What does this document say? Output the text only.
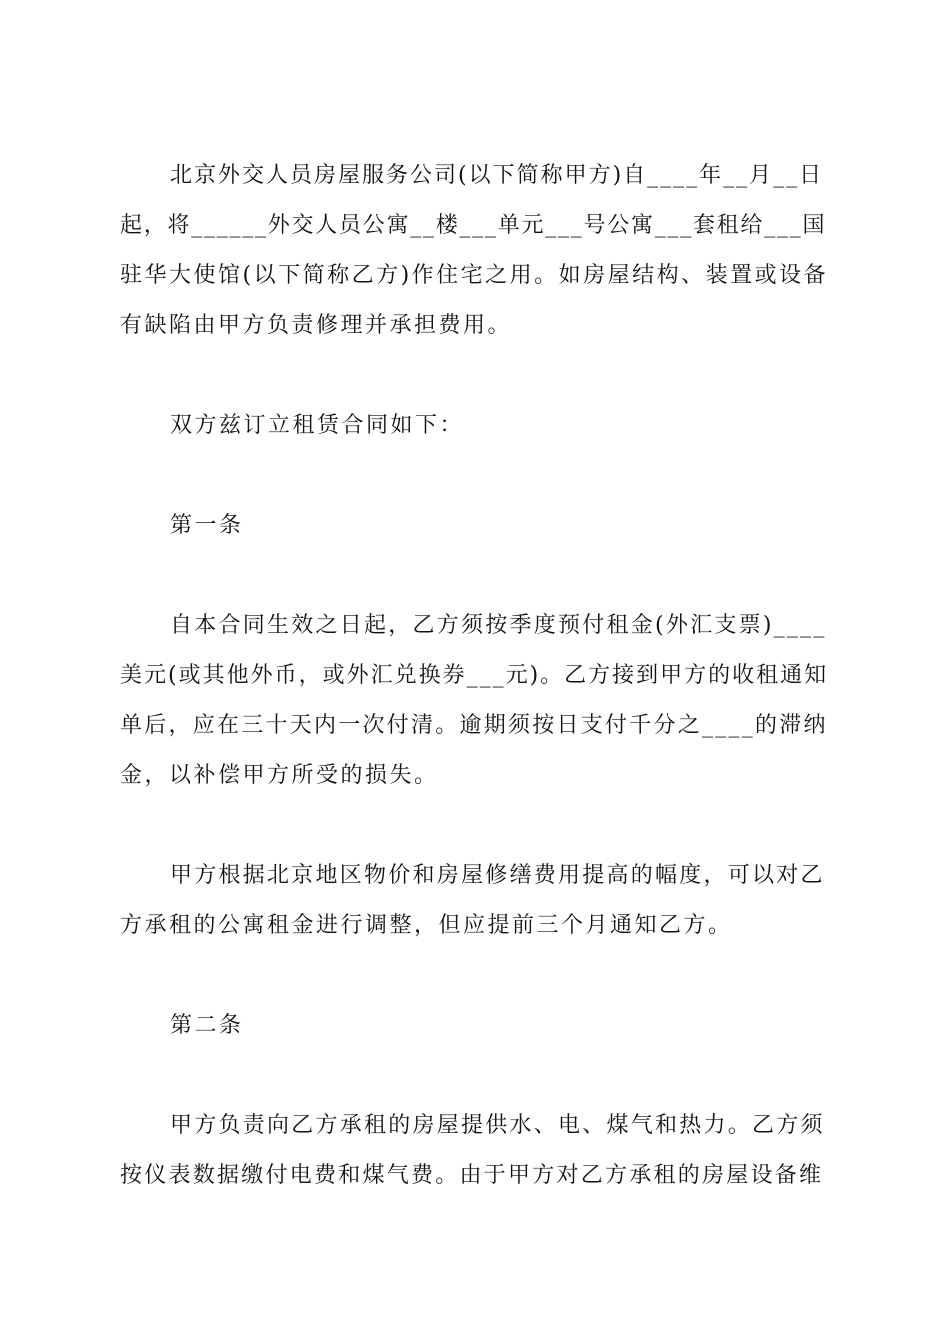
北京外交人员房屋服务公司(以下简称甲方)自____年__月__日
起，将______外交人员公寓__楼___单元___号公寓___套租给___国
驻华大使馆(以下简称乙方)作住宅之用。如房屋结构、装置或设备
有缺陷由甲方负责修理并承担费用。
双方兹订立租赁合同如下：
第一条
自本合同生效之日起，乙方须按季度预付租金(外汇支票)____
美元(或其他外币，或外汇兑换券___元)。乙方接到甲方的收租通知
单后，应在三十天内一次付清。逾期须按日支付千分之____的滞纳
金，以补偿甲方所受的损失。
甲方根据北京地区物价和房屋修缮费用提高的幅度，可以对乙
方承租的公寓租金进行调整，但应提前三个月通知乙方。
第二条
甲方负责向乙方承租的房屋提供水、电、煤气和热力。乙方须
按仪表数据缴付电费和煤气费。由于甲方对乙方承租的房屋设备维
